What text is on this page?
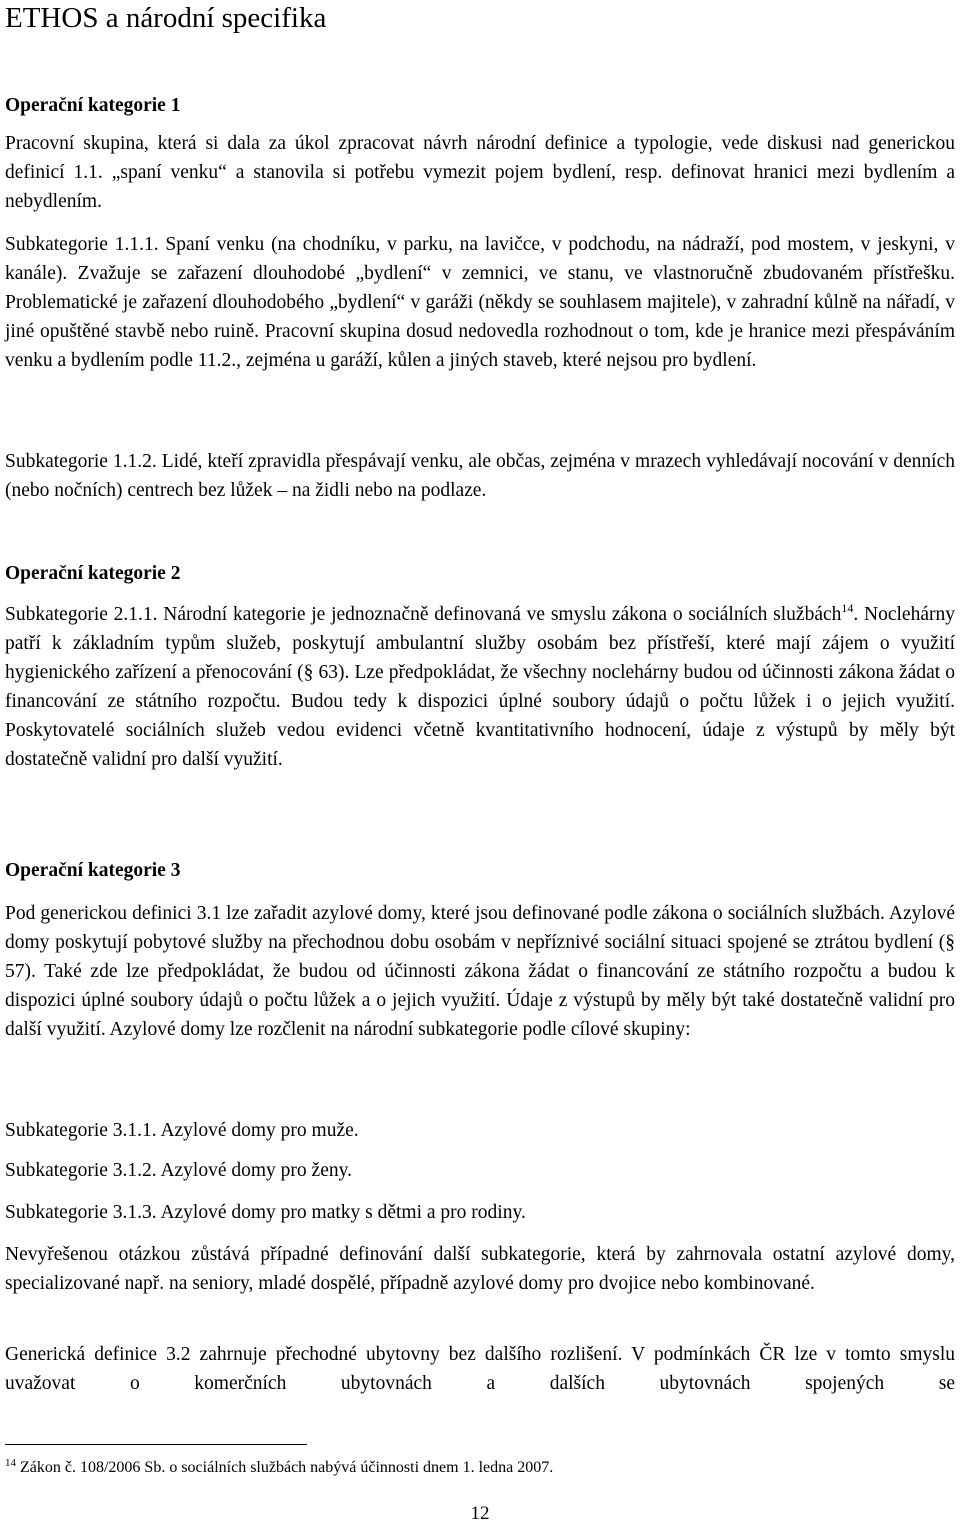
ETHOS a národní specifika
Operační kategorie 1

Pracovní skupina, která si dala za úkol zpracovat návrh národní definice a typologie, vede diskusi nad generickou definicí 1.1. „spaní venku“ a stanovila si potřebu vymezit pojem bydlení, resp. definovat hranici mezi bydlením a nebydlením.

Subkategorie 1.1.1. Spaní venku (na chodníku, v parku, na lavičce, v podchodu, na nádraží, pod mostem, v jeskyni, v kanále). Zvažuje se zařazení dlouhodobé „bydlení“ v zemnici, ve stanu, ve vlastnoručně zbudovaném přístřešku. Problematické je zařazení dlouhodobého „bydlení“ v garáži (někdy se souhlasem majitele), v zahradní kůlně na nářadí, v jiné opuštěné stavbě nebo ruině. Pracovní skupina dosud nedovedla rozhodnout o tom, kde je hranice mezi přespáváním venku a bydlením podle 11.2., zejména u garáží, kůlen a jiných staveb, které nejsou pro bydlení.

Subkategorie 1.1.2. Lidé, kteří zpravidla přespávají venku, ale občas, zejména v mrazech vyhledávají nocování v denních (nebo nočních) centrech bez lůžek – na židli nebo na podlaze.

Operační kategorie 2

Subkategorie 2.1.1. Národní kategorie je jednoznačně definovaná ve smyslu zákona o sociálních službách$^{14}$. Noclehárny patří k základním typům služeb, poskytují ambulantní služby osobám bez přístřeší, které mají zájem o využití hygienického zařízení a přenocování (§ 63). Lze předpokládat, že všechny noclehárny budou od účinnosti zákona žádat o financování ze státního rozpočtu. Budou tedy k dispozici úplné soubory údajů o počtu lůžek i o jejich využití. Poskytovatelé sociálních služeb vedou evidenci včetně kvantitativního hodnocení, údaje z výstupů by měly být dostatečně validní pro další využití.

Operační kategorie 3

Pod generickou definici 3.1 lze zařadit azylové domy, které jsou definované podle zákona o sociálních službách. Azylové domy poskytují pobytové služby na přechodnou dobu osobám v nepříznivé sociální situaci spojené se ztrátou bydlení (§ 57). Také zde lze předpokládat, že budou od účinnosti zákona žádat o financování ze státního rozpočtu a budou k dispozici úplné soubory údajů o počtu lůžek a o jejich využití. Údaje z výstupů by měly být také dostatečně validní pro další využití. Azylové domy lze rozčlenit na národní subkategorie podle cílové skupiny:

Subkategorie 3.1.1. Azylové domy pro muže.

Subkategorie 3.1.2. Azylové domy pro ženy.

Subkategorie 3.1.3. Azylové domy pro matky s dětmi a pro rodiny.

Nevyřešenou otázkou zůstává případné definování další subkategorie, která by zahrnovala ostatní azylové domy, specializované např. na seniory, mladé dospělé, případně azylové domy pro dvojice nebo kombinované.

Generická definice 3.2 zahrnuje přechodné ubytovny bez dalšího rozlišení. V podmínkách ČR lze v tomto smyslu uvažovat o komerčních ubytovnách a dalších ubytovnách spojených se

$^{14}$ Zákon č. 108/2006 Sb. o sociálních službách nabývá účinnosti dnem 1. ledna 2007.

12
